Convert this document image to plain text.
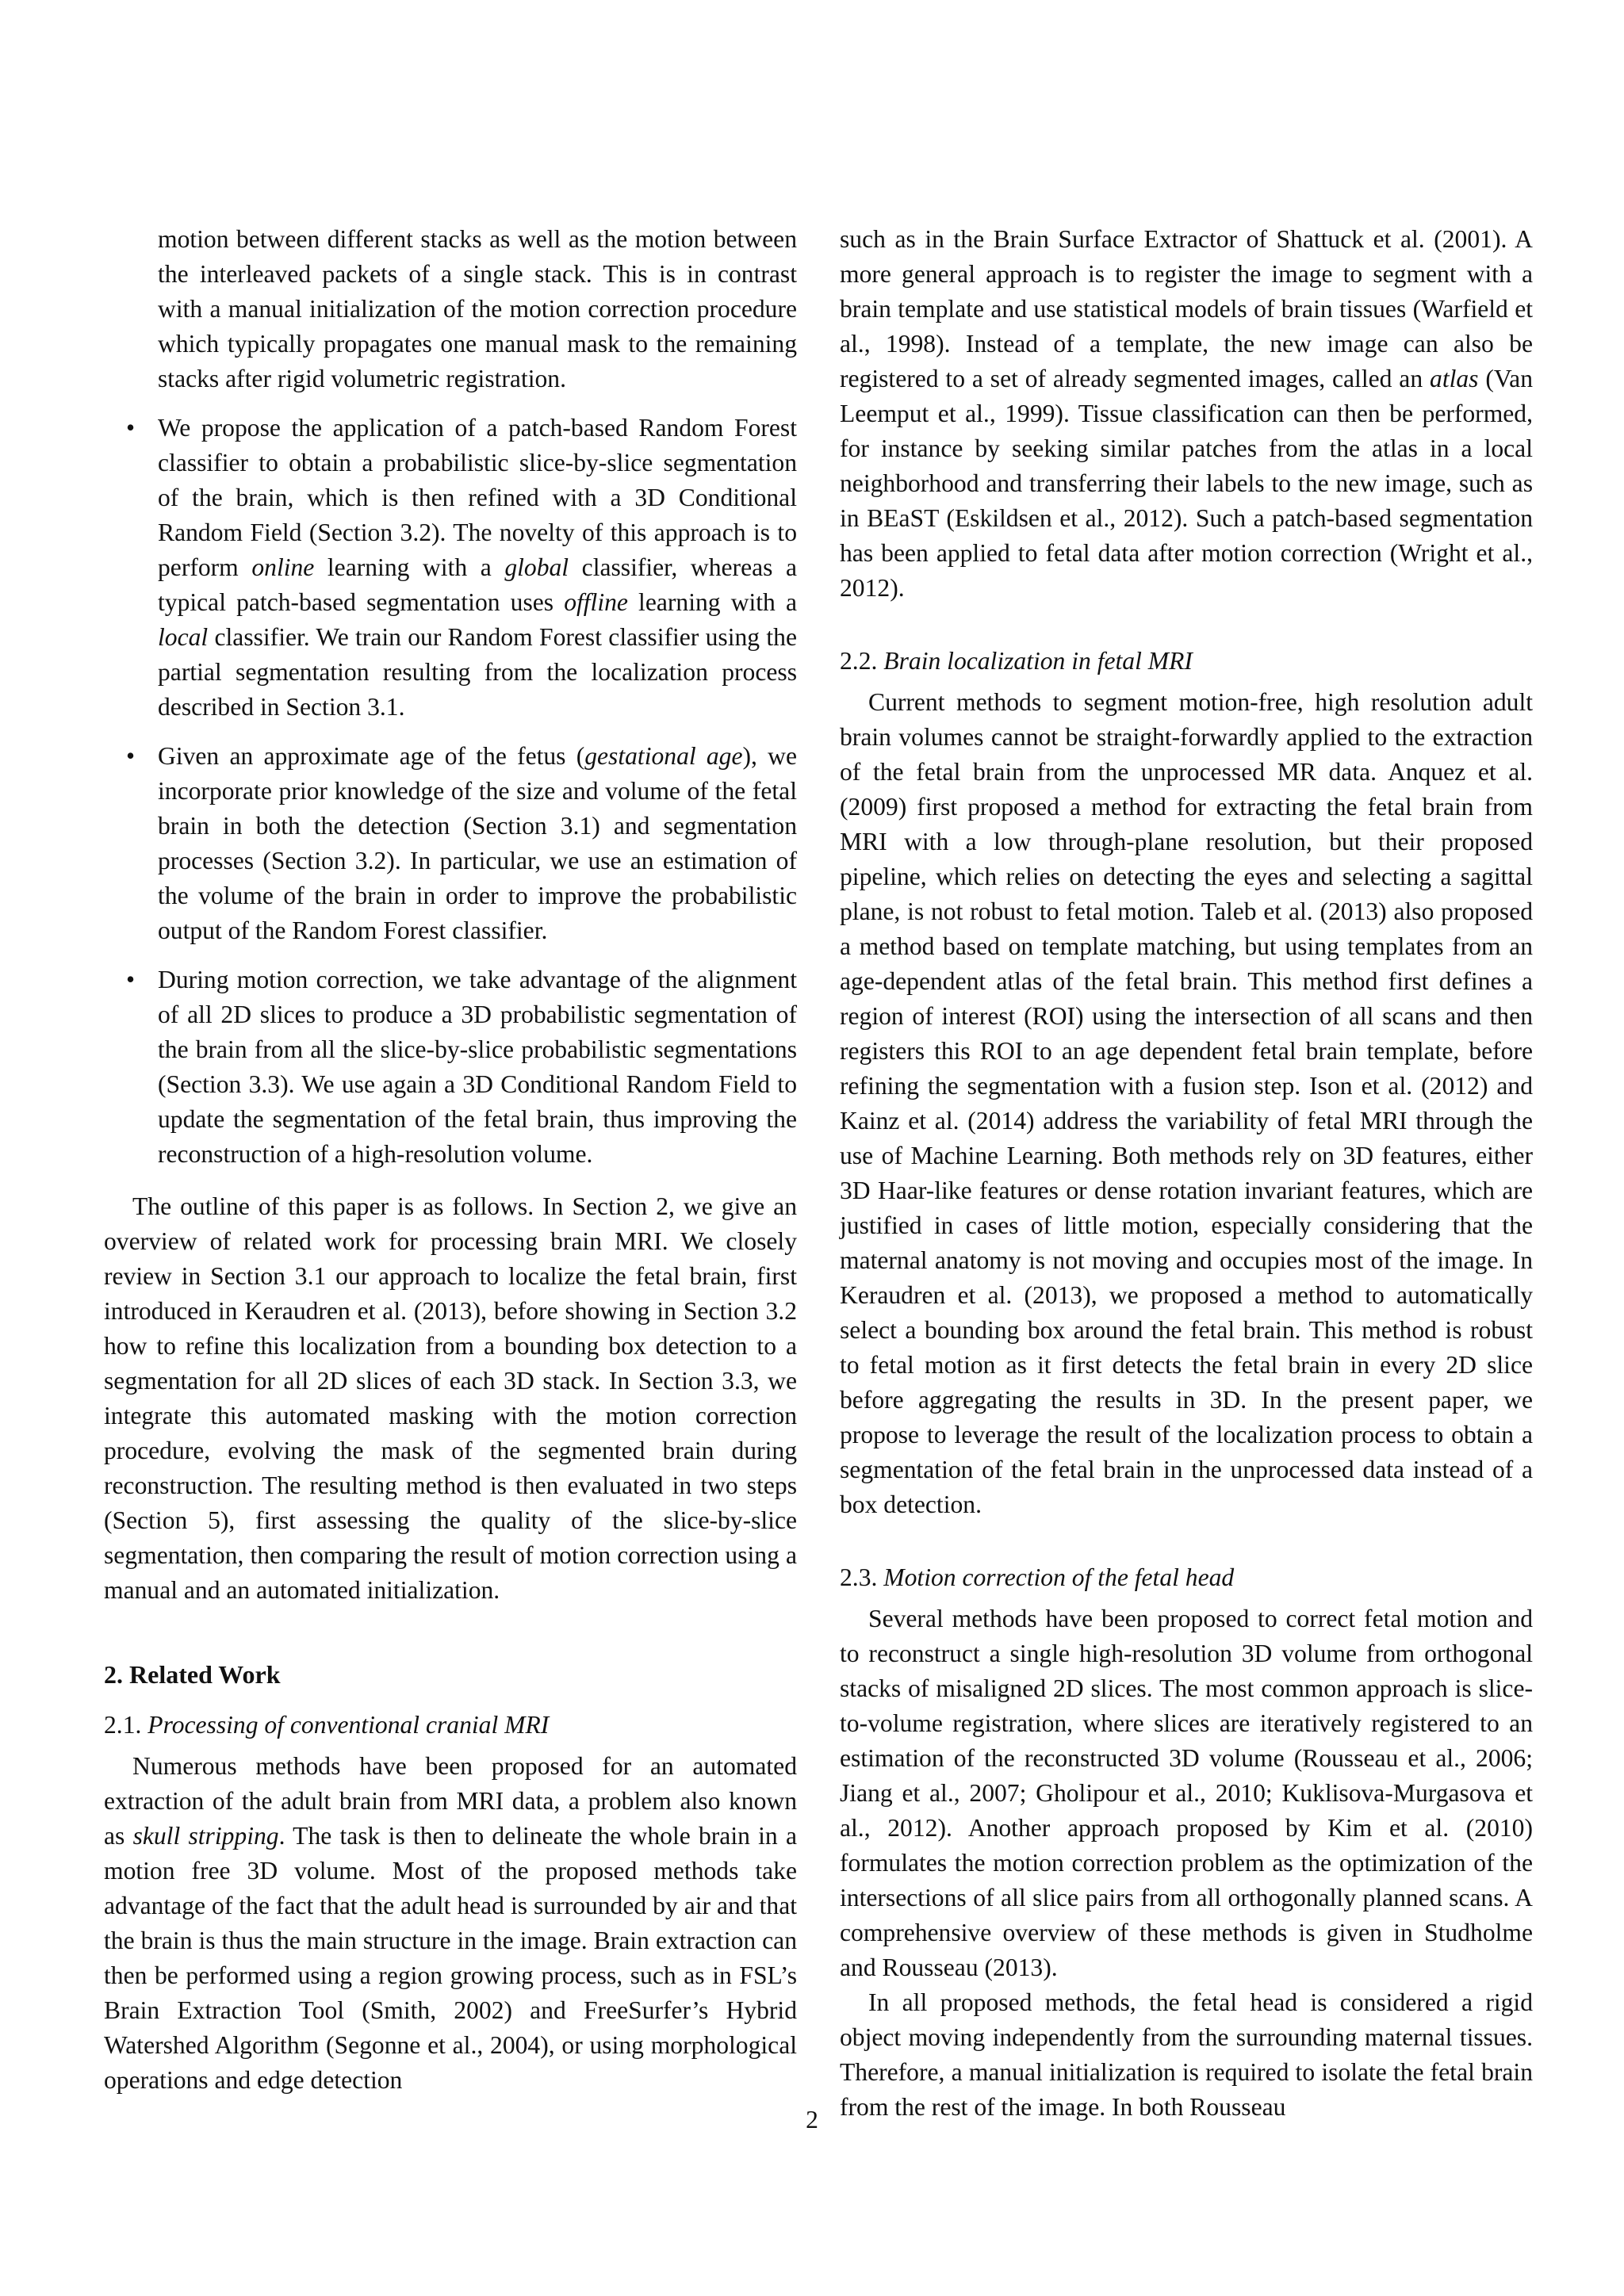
motion between different stacks as well as the motion between the interleaved packets of a single stack. This is in contrast with a manual initialization of the motion correction procedure which typically propagates one manual mask to the remaining stacks after rigid volumetric registration.
• We propose the application of a patch-based Random Forest classifier to obtain a probabilistic slice-by-slice segmentation of the brain, which is then refined with a 3D Conditional Random Field (Section 3.2). The novelty of this approach is to perform online learning with a global classifier, whereas a typical patch-based segmentation uses offline learning with a local classifier. We train our Random Forest classifier using the partial segmentation resulting from the localization process described in Section 3.1.
• Given an approximate age of the fetus (gestational age), we incorporate prior knowledge of the size and volume of the fetal brain in both the detection (Section 3.1) and segmentation processes (Section 3.2). In particular, we use an estimation of the volume of the brain in order to improve the probabilistic output of the Random Forest classifier.
• During motion correction, we take advantage of the alignment of all 2D slices to produce a 3D probabilistic segmentation of the brain from all the slice-by-slice probabilistic segmentations (Section 3.3). We use again a 3D Conditional Random Field to update the segmentation of the fetal brain, thus improving the reconstruction of a high-resolution volume.

The outline of this paper is as follows. In Section 2, we give an overview of related work for processing brain MRI. We closely review in Section 3.1 our approach to localize the fetal brain, first introduced in Keraudren et al. (2013), before showing in Section 3.2 how to refine this localization from a bounding box detection to a segmentation for all 2D slices of each 3D stack. In Section 3.3, we integrate this automated masking with the motion correction procedure, evolving the mask of the segmented brain during reconstruction. The resulting method is then evaluated in two steps (Section 5), first assessing the quality of the slice-by-slice segmentation, then comparing the result of motion correction using a manual and an automated initialization.

2. Related Work
2.1. Processing of conventional cranial MRI

Numerous methods have been proposed for an automated extraction of the adult brain from MRI data, a problem also known as skull stripping. The task is then to delineate the whole brain in a motion free 3D volume. Most of the proposed methods take advantage of the fact that the adult head is surrounded by air and that the brain is thus the main structure in the image. Brain extraction can then be performed using a region growing process, such as in FSL’s Brain Extraction Tool (Smith, 2002) and FreeSurfer’s Hybrid Watershed Algorithm (Segonne et al., 2004), or using morphological operations and edge detection

such as in the Brain Surface Extractor of Shattuck et al. (2001). A more general approach is to register the image to segment with a brain template and use statistical models of brain tissues (Warfield et al., 1998). Instead of a template, the new image can also be registered to a set of already segmented images, called an atlas (Van Leemput et al., 1999). Tissue classification can then be performed, for instance by seeking similar patches from the atlas in a local neighborhood and transferring their labels to the new image, such as in BEaST (Eskildsen et al., 2012). Such a patch-based segmentation has been applied to fetal data after motion correction (Wright et al., 2012).

2.2. Brain localization in fetal MRI

Current methods to segment motion-free, high resolution adult brain volumes cannot be straight-forwardly applied to the extraction of the fetal brain from the unprocessed MR data. Anquez et al. (2009) first proposed a method for extracting the fetal brain from MRI with a low through-plane resolution, but their proposed pipeline, which relies on detecting the eyes and selecting a sagittal plane, is not robust to fetal motion. Taleb et al. (2013) also proposed a method based on template matching, but using templates from an age-dependent atlas of the fetal brain. This method first defines a region of interest (ROI) using the intersection of all scans and then registers this ROI to an age dependent fetal brain template, before refining the segmentation with a fusion step. Ison et al. (2012) and Kainz et al. (2014) address the variability of fetal MRI through the use of Machine Learning. Both methods rely on 3D features, either 3D Haar-like features or dense rotation invariant features, which are justified in cases of little motion, especially considering that the maternal anatomy is not moving and occupies most of the image. In Keraudren et al. (2013), we proposed a method to automatically select a bounding box around the fetal brain. This method is robust to fetal motion as it first detects the fetal brain in every 2D slice before aggregating the results in 3D. In the present paper, we propose to leverage the result of the localization process to obtain a segmentation of the fetal brain in the unprocessed data instead of a box detection.

2.3. Motion correction of the fetal head

Several methods have been proposed to correct fetal motion and to reconstruct a single high-resolution 3D volume from orthogonal stacks of misaligned 2D slices. The most common approach is slice-to-volume registration, where slices are iteratively registered to an estimation of the reconstructed 3D volume (Rousseau et al., 2006; Jiang et al., 2007; Gholipour et al., 2010; Kuklisova-Murgasova et al., 2012). Another approach proposed by Kim et al. (2010) formulates the motion correction problem as the optimization of the intersections of all slice pairs from all orthogonally planned scans. A comprehensive overview of these methods is given in Studholme and Rousseau (2013).

In all proposed methods, the fetal head is considered a rigid object moving independently from the surrounding maternal tissues. Therefore, a manual initialization is required to isolate the fetal brain from the rest of the image. In both Rousseau

2
